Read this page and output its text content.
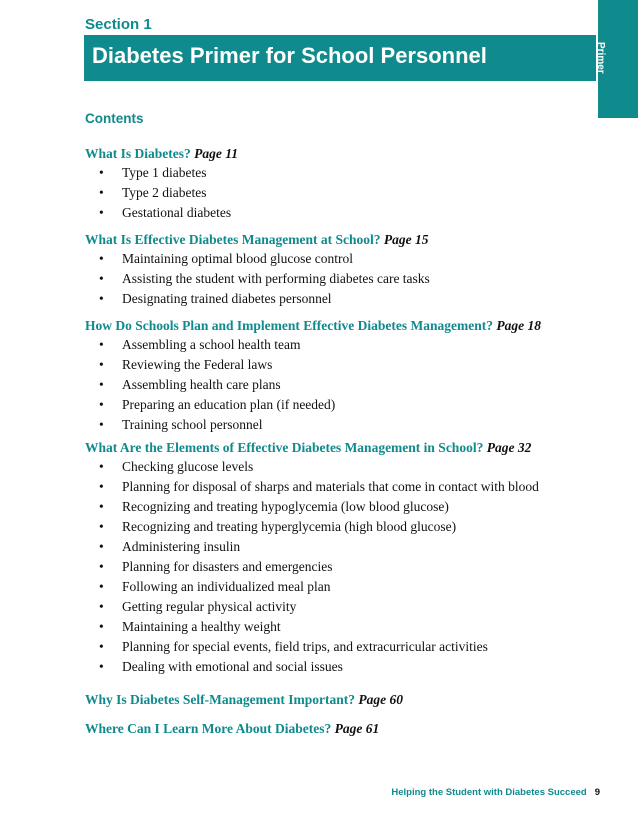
Section 1
Diabetes Primer for School Personnel	Primer
Contents
What Is Diabetes? Page 11
• Type 1 diabetes
• Type 2 diabetes
• Gestational diabetes
What Is Effective Diabetes Management at School? Page 15
• Maintaining optimal blood glucose control
• Assisting the student with performing diabetes care tasks
• Designating trained diabetes personnel
How Do Schools Plan and Implement Effective Diabetes Management? Page 18
• Assembling a school health team
• Reviewing the Federal laws
• Assembling health care plans
• Preparing an education plan (if needed)
• Training school personnel
What Are the Elements of Effective Diabetes Management in School? Page 32
• Checking glucose levels
• Planning for disposal of sharps and materials that come in contact with blood
• Recognizing and treating hypoglycemia (low blood glucose)
• Recognizing and treating hyperglycemia (high blood glucose)
• Administering insulin
• Planning for disasters and emergencies
• Following an individualized meal plan
• Getting regular physical activity
• Maintaining a healthy weight
• Planning for special events, field trips, and extracurricular activities
• Dealing with emotional and social issues
Why Is Diabetes Self-Management Important? Page 60
Where Can I Learn More About Diabetes? Page 61
Helping the Student with Diabetes Succeed 9
